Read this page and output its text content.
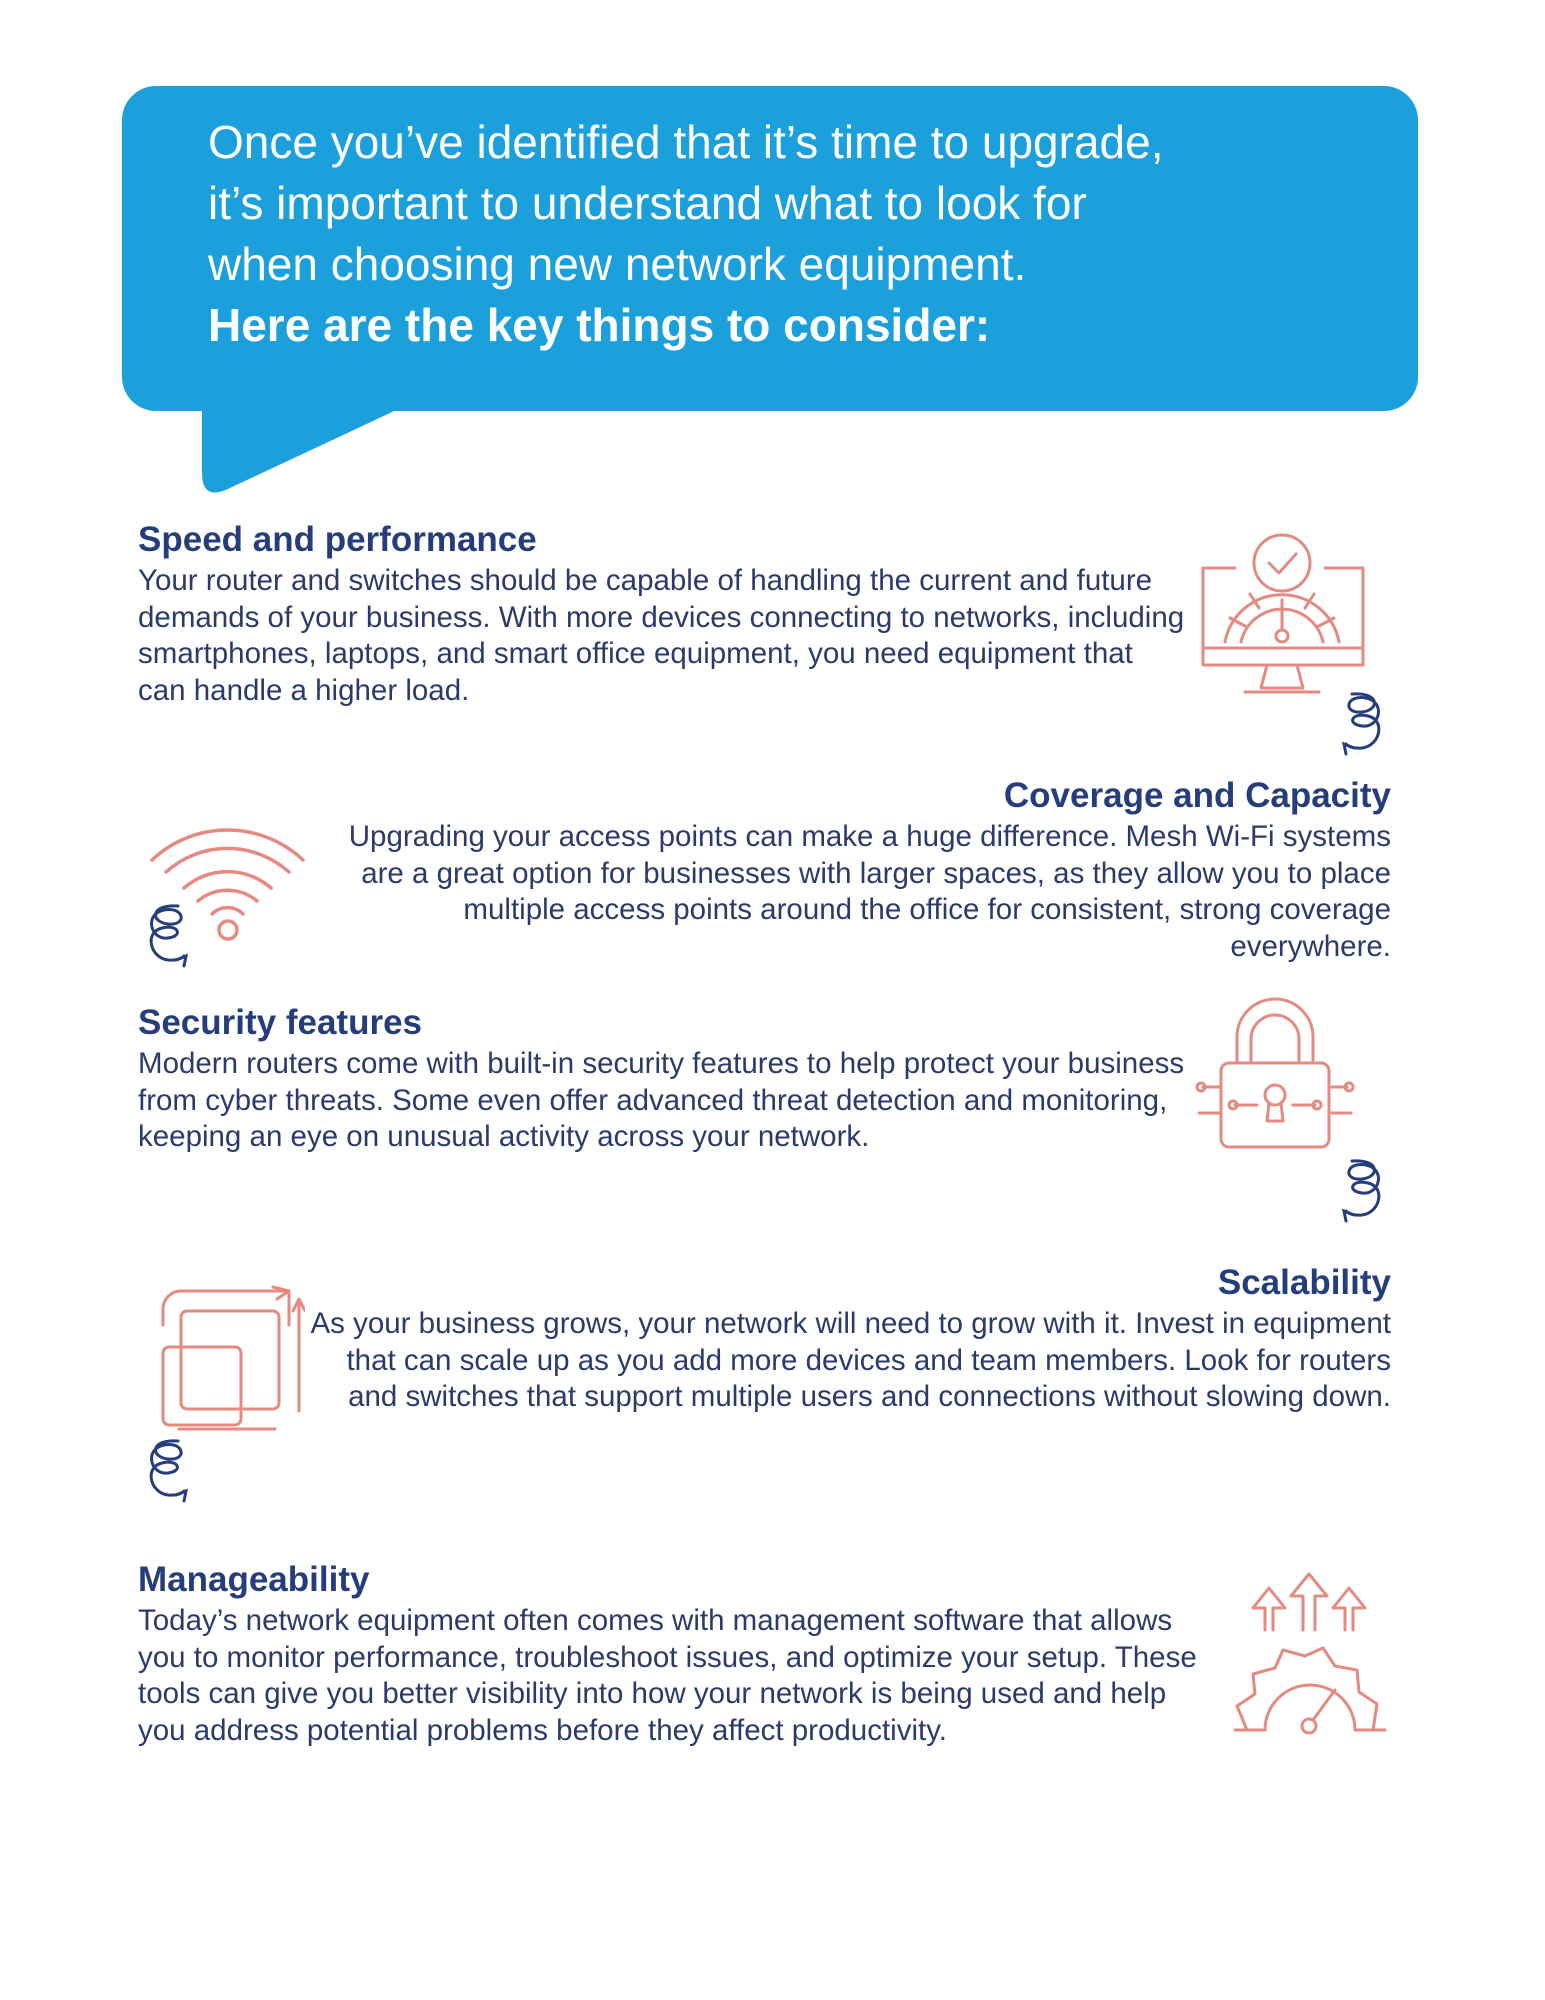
Once you’ve identified that it’s time to upgrade,
it’s important to understand what to look for
when choosing new network equipment.
Here are the key things to consider:
Speed and performance
Your router and switches should be capable of handling the current and future demands of your business. With more devices connecting to networks, including smartphones, laptops, and smart office equipment, you need equipment that can handle a higher load.
Coverage and Capacity
Upgrading your access points can make a huge difference. Mesh Wi-Fi systems are a great option for businesses with larger spaces, as they allow you to place multiple access points around the office for consistent, strong coverage everywhere.
Security features
Modern routers come with built-in security features to help protect your business from cyber threats. Some even offer advanced threat detection and monitoring, keeping an eye on unusual activity across your network.
Scalability
As your business grows, your network will need to grow with it. Invest in equipment that can scale up as you add more devices and team members. Look for routers and switches that support multiple users and connections without slowing down.
Manageability
Today’s network equipment often comes with management software that allows you to monitor performance, troubleshoot issues, and optimize your setup. These tools can give you better visibility into how your network is being used and help you address potential problems before they affect productivity.
